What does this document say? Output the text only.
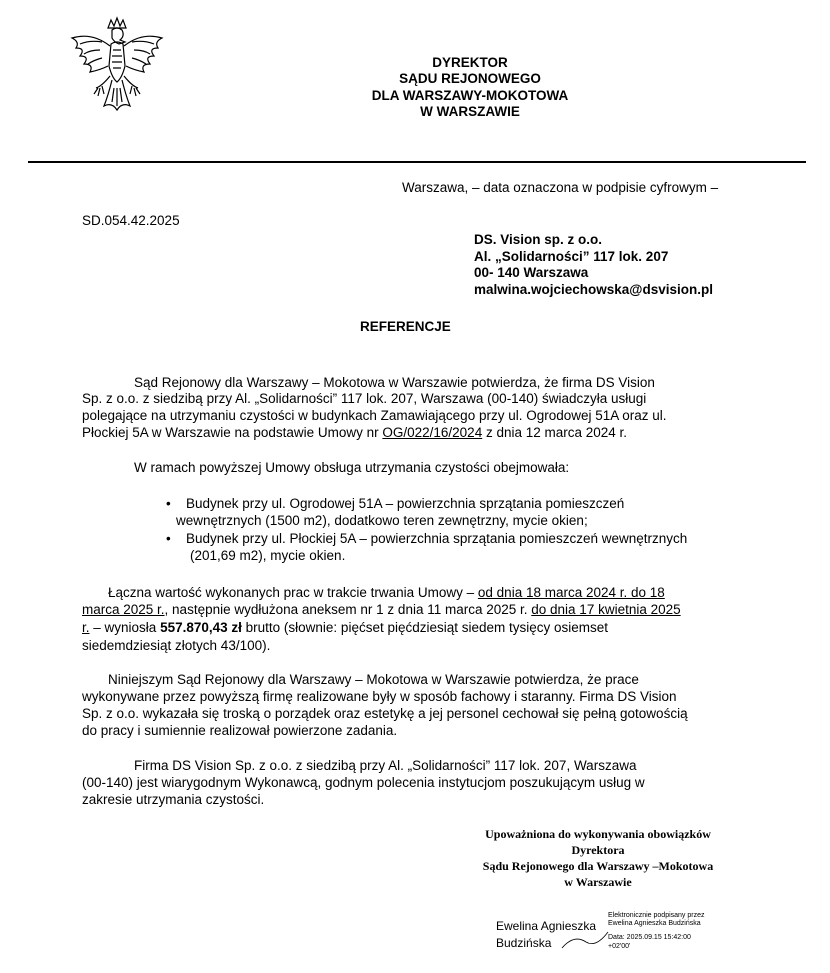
DYREKTOR
SĄDU REJONOWEGO
DLA WARSZAWY-MOKOTOWA
W WARSZAWIE
Warszawa, – data oznaczona w podpisie cyfrowym –
SD.054.42.2025
DS. Vision sp. z o.o.
Al. „Solidarności” 117 lok. 207
00- 140 Warszawa
malwina.wojciechowska@dsvision.pl
REFERENCJE
Sąd Rejonowy dla Warszawy – Mokotowa w Warszawie potwierdza, że firma DS Vision
Sp. z o.o. z siedzibą przy Al. „Solidarności” 117 lok. 207, Warszawa (00-140) świadczyła usługi
polegające na utrzymaniu czystości w budynkach Zamawiającego przy ul. Ogrodowej 51A oraz ul.
Płockiej 5A w Warszawie na podstawie Umowy nr OG/022/16/2024 z dnia 12 marca 2024 r.
W ramach powyższej Umowy obsługa utrzymania czystości obejmowała:
• Budynek przy ul. Ogrodowej 51A – powierzchnia sprzątania pomieszczeń
wewnętrznych (1500 m2), dodatkowo teren zewnętrzny, mycie okien;
• Budynek przy ul. Płockiej 5A – powierzchnia sprzątania pomieszczeń wewnętrznych
(201,69 m2), mycie okien.
Łączna wartość wykonanych prac w trakcie trwania Umowy – od dnia 18 marca 2024 r. do 18
marca 2025 r., następnie wydłużona aneksem nr 1 z dnia 11 marca 2025 r. do dnia 17 kwietnia 2025
r. – wyniosła 557.870,43 zł brutto (słownie: pięćset pięćdziesiąt siedem tysięcy osiemset
siedemdziesiąt złotych 43/100).
Niniejszym Sąd Rejonowy dla Warszawy – Mokotowa w Warszawie potwierdza, że prace
wykonywane przez powyższą firmę realizowane były w sposób fachowy i staranny. Firma DS Vision
Sp. z o.o. wykazała się troską o porządek oraz estetykę a jej personel cechował się pełną gotowością
do pracy i sumiennie realizował powierzone zadania.
Firma DS Vision Sp. z o.o. z siedzibą przy Al. „Solidarności” 117 lok. 207, Warszawa
(00-140) jest wiarygodnym Wykonawcą, godnym polecenia instytucjom poszukującym usług w
zakresie utrzymania czystości.
Upoważniona do wykonywania obowiązków
Dyrektora
Sądu Rejonowego dla Warszawy –Mokotowa
w Warszawie
Ewelina Agnieszka
Budzińska
Elektronicznie podpisany przez
Ewelina Agnieszka Budzińska
Data: 2025.09.15 15:42:00
+02'00'
